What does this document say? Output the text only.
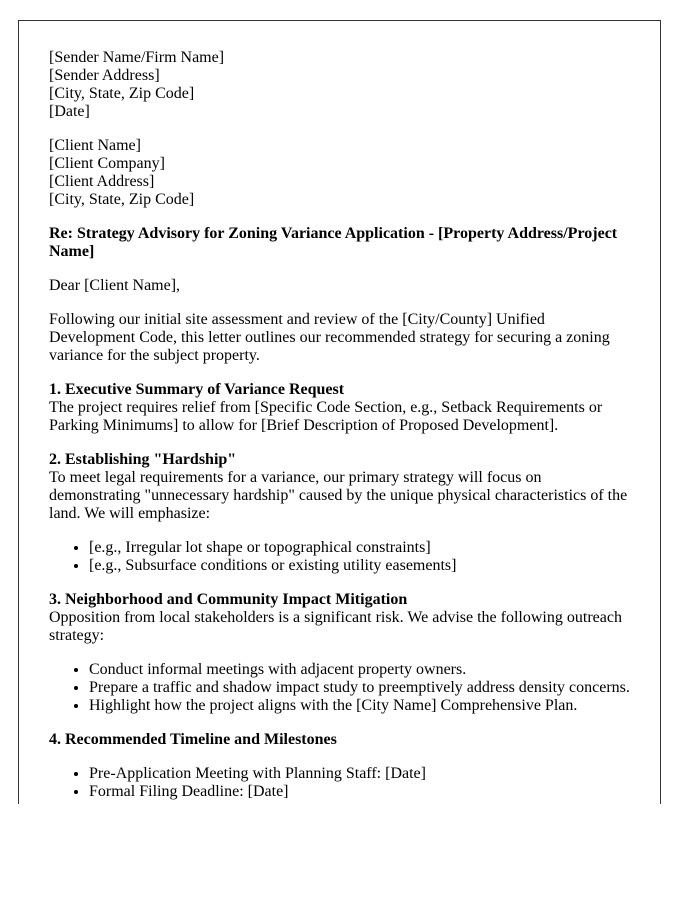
[Sender Name/Firm Name]
[Sender Address]
[City, State, Zip Code]
[Date]

[Client Name]
[Client Company]
[Client Address]
[City, State, Zip Code]

Re: Strategy Advisory for Zoning Variance Application - [Property Address/Project Name]

Dear [Client Name],

Following our initial site assessment and review of the [City/County] Unified Development Code, this letter outlines our recommended strategy for securing a zoning variance for the subject property.

1. Executive Summary of Variance Request
The project requires relief from [Specific Code Section, e.g., Setback Requirements or Parking Minimums] to allow for [Brief Description of Proposed Development].

2. Establishing "Hardship"
To meet legal requirements for a variance, our primary strategy will focus on demonstrating "unnecessary hardship" caused by the unique physical characteristics of the land. We will emphasize:

• [e.g., Irregular lot shape or topographical constraints]
• [e.g., Subsurface conditions or existing utility easements]

3. Neighborhood and Community Impact Mitigation
Opposition from local stakeholders is a significant risk. We advise the following outreach strategy:

• Conduct informal meetings with adjacent property owners.
• Prepare a traffic and shadow impact study to preemptively address density concerns.
• Highlight how the project aligns with the [City Name] Comprehensive Plan.

4. Recommended Timeline and Milestones

• Pre-Application Meeting with Planning Staff: [Date]
• Formal Filing Deadline: [Date]
